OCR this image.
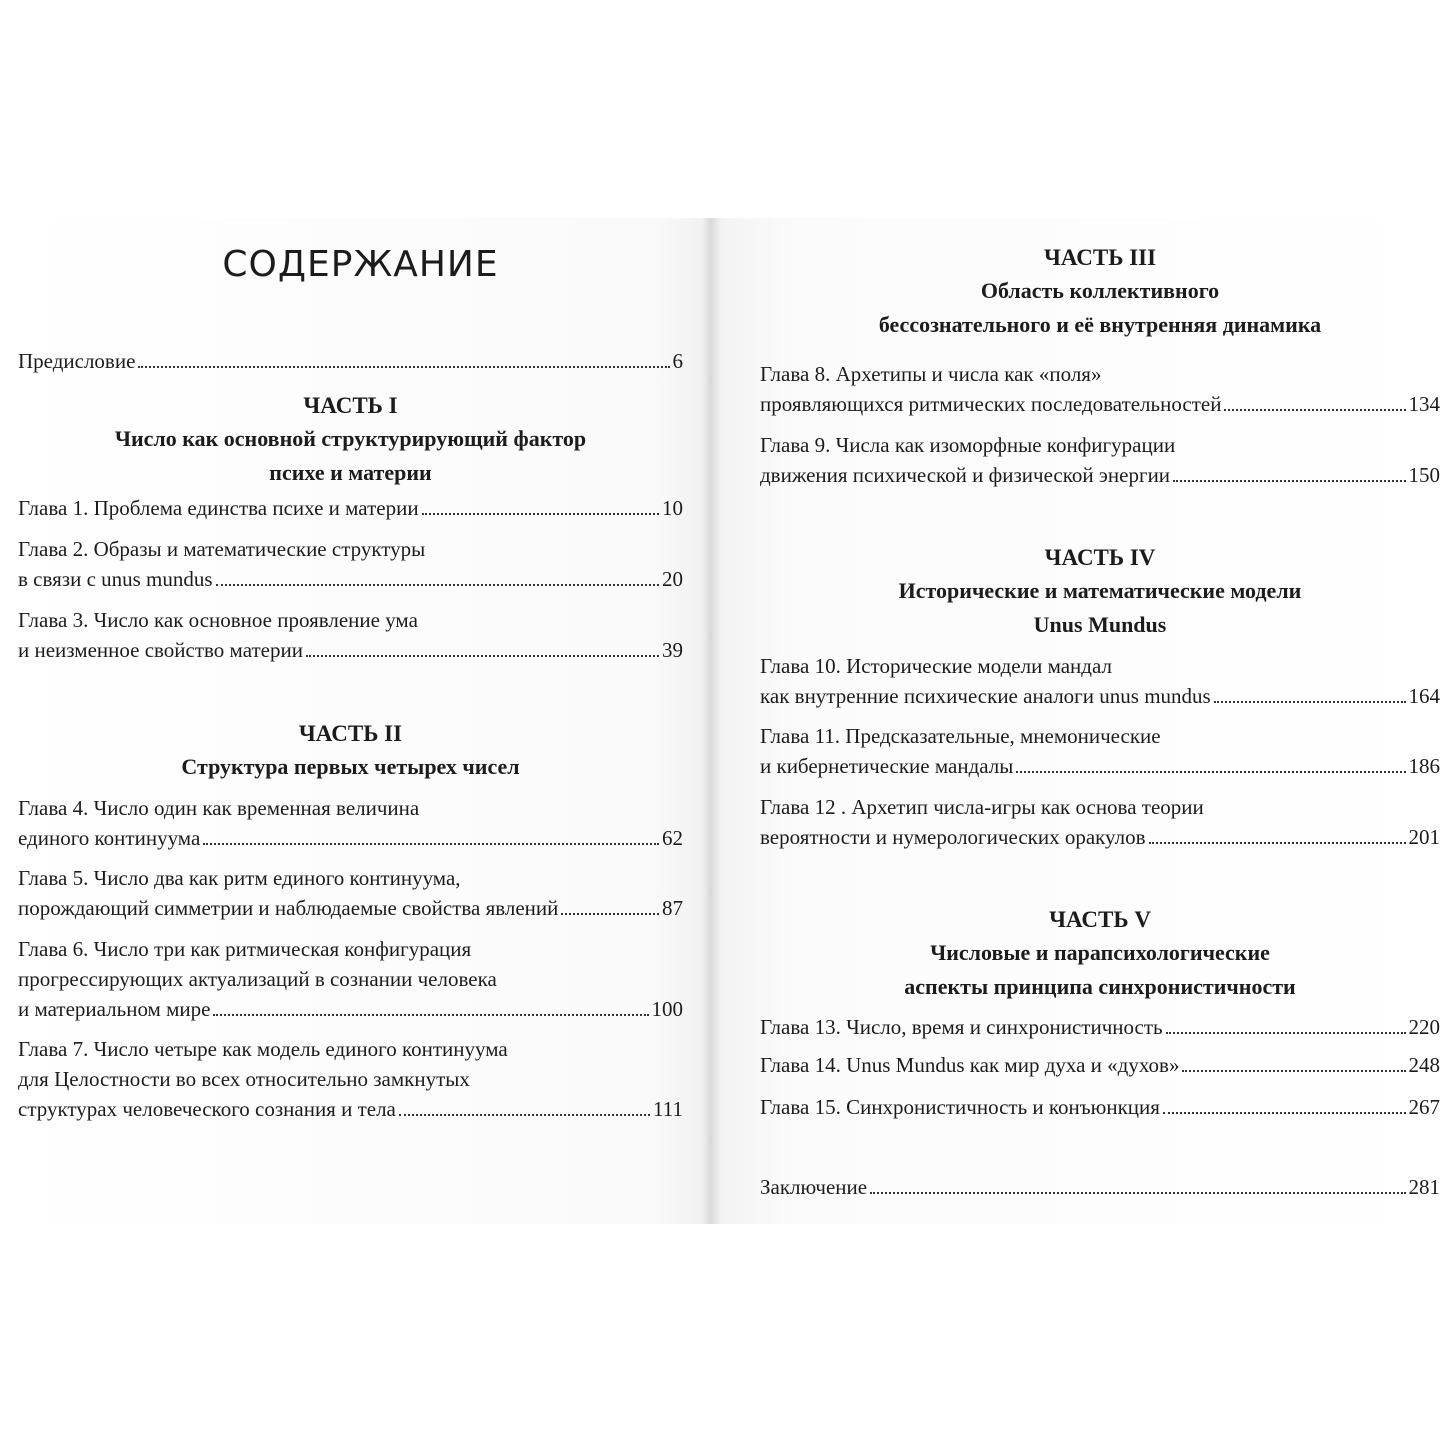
СОДЕРЖАНИЕ
Предисловие	6
ЧАСТЬ I
Число как основной структурирующий фактор
психе и материи
Глава 1. Проблема единства психе и материи	10
Глава 2. Образы и математические структуры
в связи с unus mundus	20
Глава 3. Число как основное проявление ума
и неизменное свойство материи	39
ЧАСТЬ II
Структура первых четырех чисел
Глава 4. Число один как временная величина
единого континуума	62
Глава 5. Число два как ритм единого континуума,
порождающий симметрии и наблюдаемые свойства явлений	87
Глава 6. Число три как ритмическая конфигурация
прогрессирующих актуализаций в сознании человека
и материальном мире	100
Глава 7. Число четыре как модель единого континуума
для Целостности во всех относительно замкнутых
структурах человеческого сознания и тела	111
ЧАСТЬ III
Область коллективного
бессознательного и её внутренняя динамика
Глава 8. Архетипы и числа как «поля»
проявляющихся ритмических последовательностей	134
Глава 9. Числа как изоморфные конфигурации
движения психической и физической энергии	150
ЧАСТЬ IV
Исторические и математические модели
Unus Mundus
Глава 10. Исторические модели мандал
как внутренние психические аналоги unus mundus	164
Глава 11. Предсказательные, мнемонические
и кибернетические мандалы	186
Глава 12 . Архетип числа-игры как основа теории
вероятности и нумерологических оракулов	201
ЧАСТЬ V
Числовые и парапсихологические
аспекты принципа синхронистичности
Глава 13. Число, время и синхронистичность	220
Глава 14. Unus Mundus как мир духа и «духов»	248
Глава 15. Синхронистичность и конъюнкция	267
Заключение	281
